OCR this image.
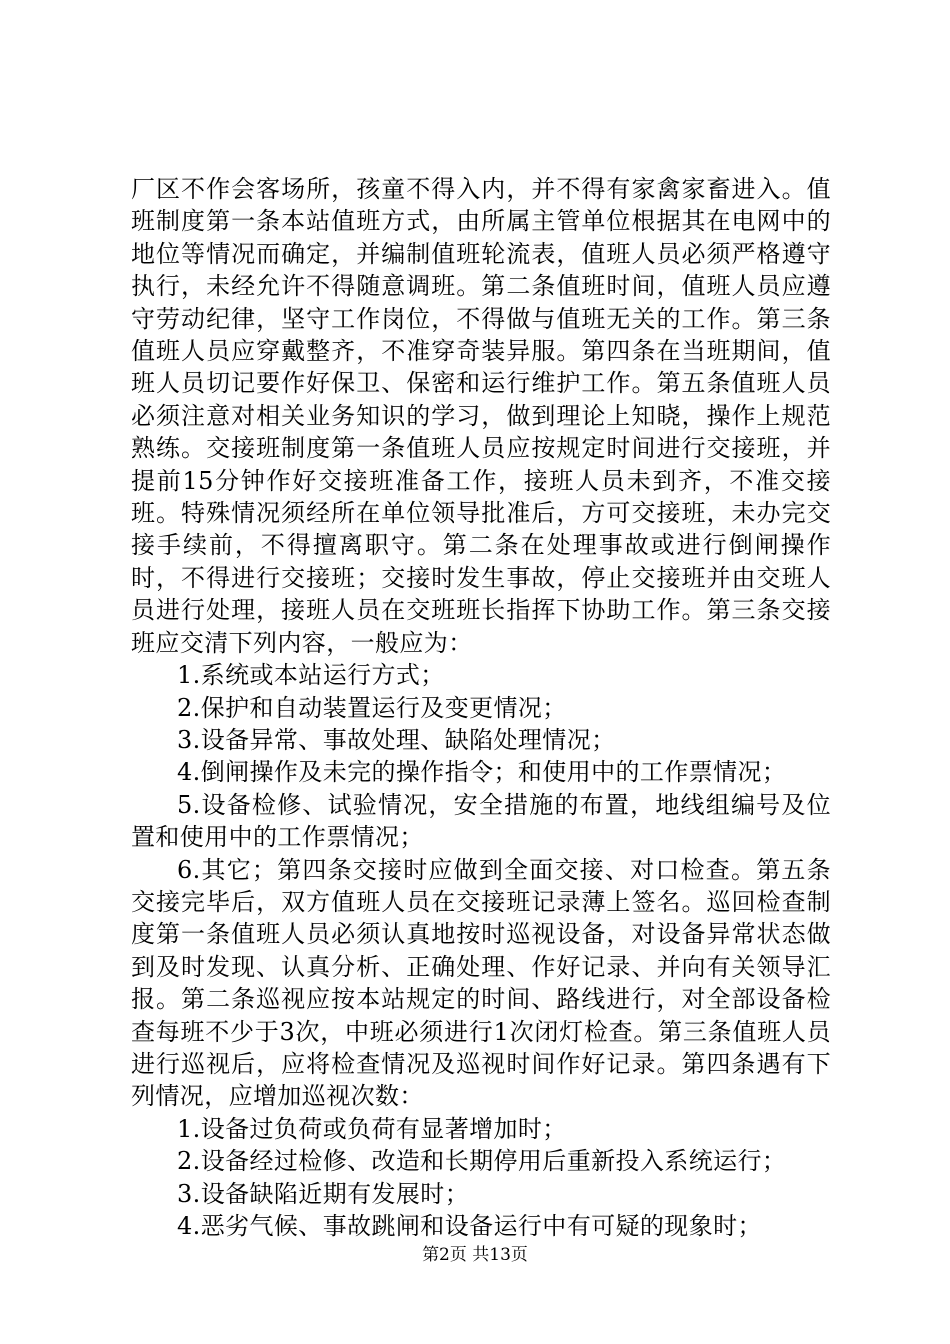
厂区不作会客场所，孩童不得入内，并不得有家禽家畜进入。值班制度第一条本站值班方式，由所属主管单位根据其在电网中的地位等情况而确定，并编制值班轮流表，值班人员必须严格遵守执行，未经允许不得随意调班。第二条值班时间，值班人员应遵守劳动纪律，坚守工作岗位，不得做与值班无关的工作。第三条值班人员应穿戴整齐，不准穿奇装异服。第四条在当班期间，值班人员切记要作好保卫、保密和运行维护工作。第五条值班人员必须注意对相关业务知识的学习，做到理论上知晓，操作上规范熟练。交接班制度第一条值班人员应按规定时间进行交接班，并提前15分钟作好交接班准备工作，接班人员未到齐，不准交接班。特殊情况须经所在单位领导批准后，方可交接班，未办完交接手续前，不得擅离职守。第二条在处理事故或进行倒闸操作时，不得进行交接班；交接时发生事故，停止交接班并由交班人员进行处理，接班人员在交班班长指挥下协助工作。第三条交接班应交清下列内容，一般应为：

1.系统或本站运行方式；

2.保护和自动装置运行及变更情况；

3.设备异常、事故处理、缺陷处理情况；

4.倒闸操作及未完的操作指令；和使用中的工作票情况；

5.设备检修、试验情况，安全措施的布置，地线组编号及位置和使用中的工作票情况；

6.其它；第四条交接时应做到全面交接、对口检查。第五条交接完毕后，双方值班人员在交接班记录薄上签名。巡回检查制度第一条值班人员必须认真地按时巡视设备，对设备异常状态做到及时发现、认真分析、正确处理、作好记录、并向有关领导汇报。第二条巡视应按本站规定的时间、路线进行，对全部设备检查每班不少于3次，中班必须进行1次闭灯检查。第三条值班人员进行巡视后，应将检查情况及巡视时间作好记录。第四条遇有下列情况，应增加巡视次数：

1.设备过负荷或负荷有显著增加时；

2.设备经过检修、改造和长期停用后重新投入系统运行；

3.设备缺陷近期有发展时；

4.恶劣气候、事故跳闸和设备运行中有可疑的现象时；

第2页 共13页
